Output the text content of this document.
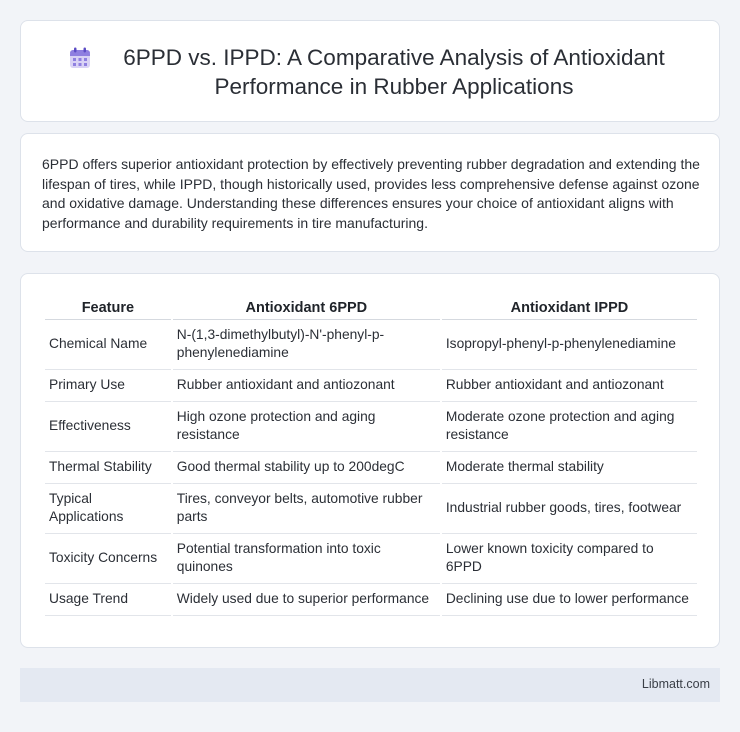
6PPD vs. IPPD: A Comparative Analysis of Antioxidant Performance in Rubber Applications

6PPD offers superior antioxidant protection by effectively preventing rubber degradation and extending the lifespan of tires, while IPPD, though historically used, provides less comprehensive defense against ozone and oxidative damage. Understanding these differences ensures your choice of antioxidant aligns with performance and durability requirements in tire manufacturing.

Feature	Antioxidant 6PPD	Antioxidant IPPD
Chemical Name	N-(1,3-dimethylbutyl)-N'-phenyl-p-phenylenediamine	Isopropyl-phenyl-p-phenylenediamine
Primary Use	Rubber antioxidant and antiozonant	Rubber antioxidant and antiozonant
Effectiveness	High ozone protection and aging resistance	Moderate ozone protection and aging resistance
Thermal Stability	Good thermal stability up to 200degC	Moderate thermal stability
Typical Applications	Tires, conveyor belts, automotive rubber parts	Industrial rubber goods, tires, footwear
Toxicity Concerns	Potential transformation into toxic quinones	Lower known toxicity compared to 6PPD
Usage Trend	Widely used due to superior performance	Declining use due to lower performance
Libmatt.com
